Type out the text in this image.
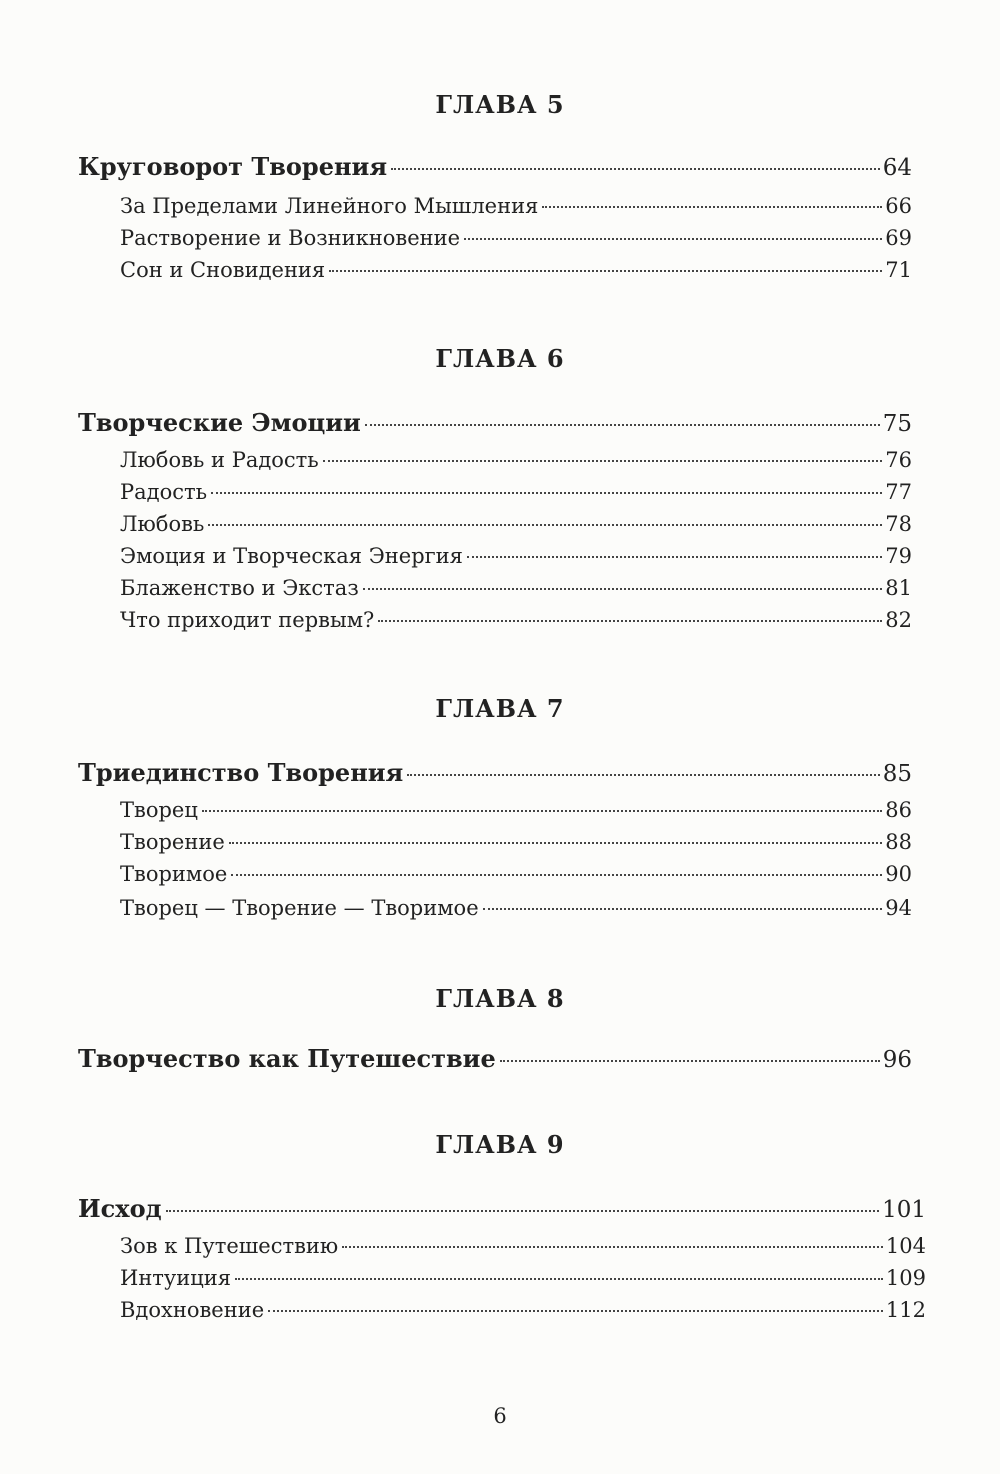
ГЛАВА 5
Круговорот Творения	64
За Пределами Линейного Мышления	66
Растворение и Возникновение	69
Сон и Сновидения	71
ГЛАВА 6
Творческие Эмоции	75
Любовь и Радость	76
Радость	77
Любовь	78
Эмоция и Творческая Энергия	79
Блаженство и Экстаз	81
Что приходит первым?	82
ГЛАВА 7
Триединство Творения	85
Творец	86
Творение	88
Творимое	90
Творец — Творение — Творимое	94
ГЛАВА 8
Творчество как Путешествие	96
ГЛАВА 9
Исход	101
Зов к Путешествию	104
Интуиция	109
Вдохновение	112
6
